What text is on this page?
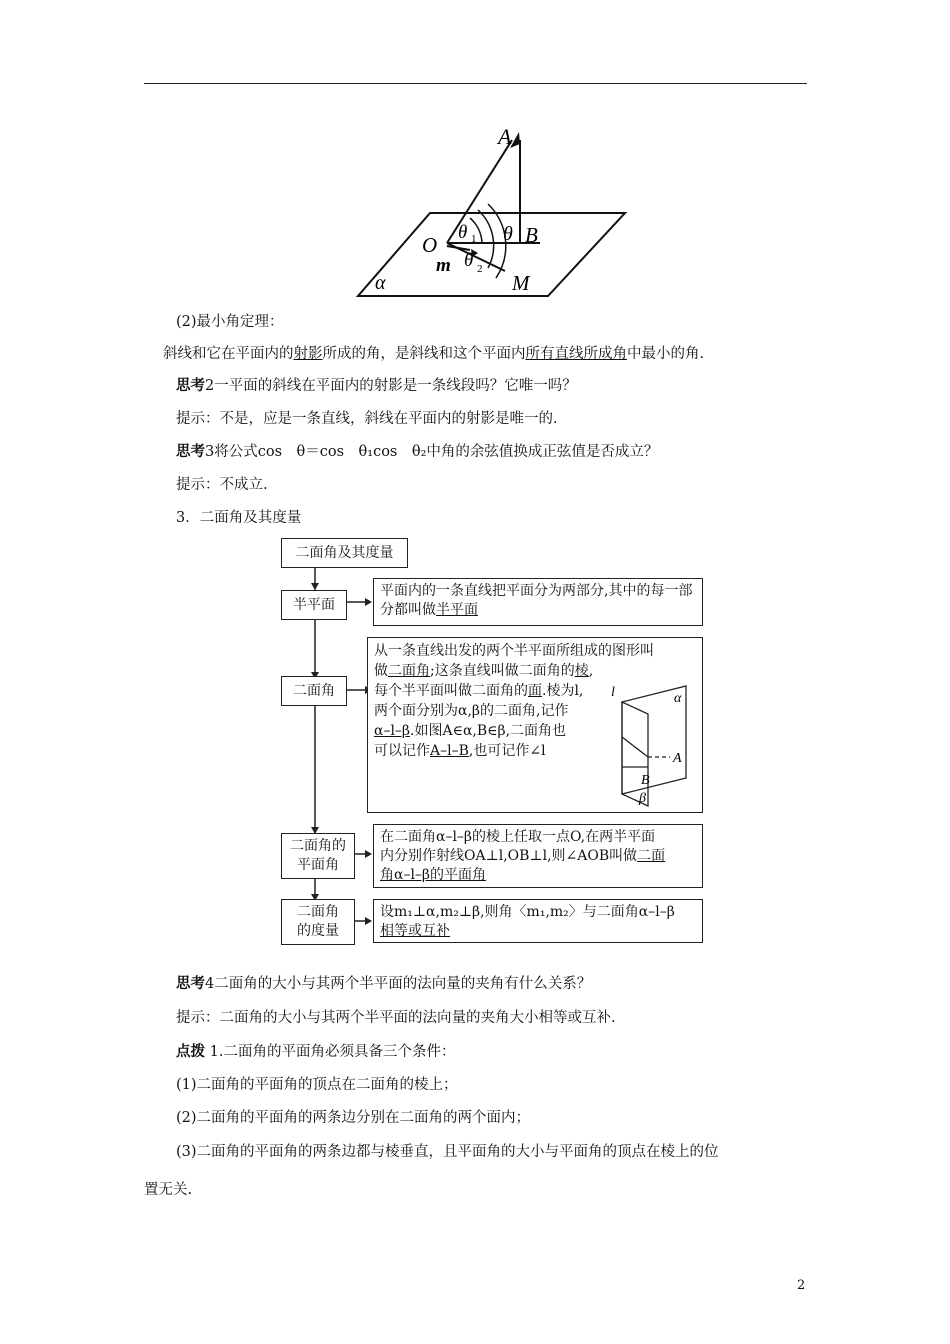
A
B
O
M
m
α
θ
θ 1
θ 2
(2)最小角定理：
斜线和它在平面内的射影所成的角，是斜线和这个平面内所有直线所成角中最小的角.
思考2一平面的斜线在平面内的射影是一条线段吗？它唯一吗？
提示：不是，应是一条直线，斜线在平面内的射影是唯一的.
思考3将公式cos　θ＝cos　θ₁cos　θ₂中角的余弦值换成正弦值是否成立？
提示：不成立.
3．二面角及其度量
二面角及其度量
半平面
平面内的一条直线把平面分为两部分,其中的每一部分都叫做半平面
二面角
从一条直线出发的两个半平面所组成的图形叫
做二面角;这条直线叫做二面角的棱,
每个半平面叫做二面角的面.棱为l,
两个面分别为α,β的二面角,记作
α–l–β.如图A∈α,B∈β,二面角也
可以记作A–l–B,也可记作∠l
l	α
A
B
β
二面角的
平面角
在二面角α–l–β的棱上任取一点O,在两半平面
内分别作射线OA⊥l,OB⊥l,则∠AOB叫做二面
角α–l–β的平面角
二面角
的度量
设m₁⊥α,m₂⊥β,则角〈m₁,m₂〉与二面角α–l–β
相等或互补
思考4二面角的大小与其两个半平面的法向量的夹角有什么关系？
提示：二面角的大小与其两个半平面的法向量的夹角大小相等或互补.
点拨 1.二面角的平面角必须具备三个条件：
(1)二面角的平面角的顶点在二面角的棱上；
(2)二面角的平面角的两条边分别在二面角的两个面内；
(3)二面角的平面角的两条边都与棱垂直，且平面角的大小与平面角的顶点在棱上的位
置无关.
2
